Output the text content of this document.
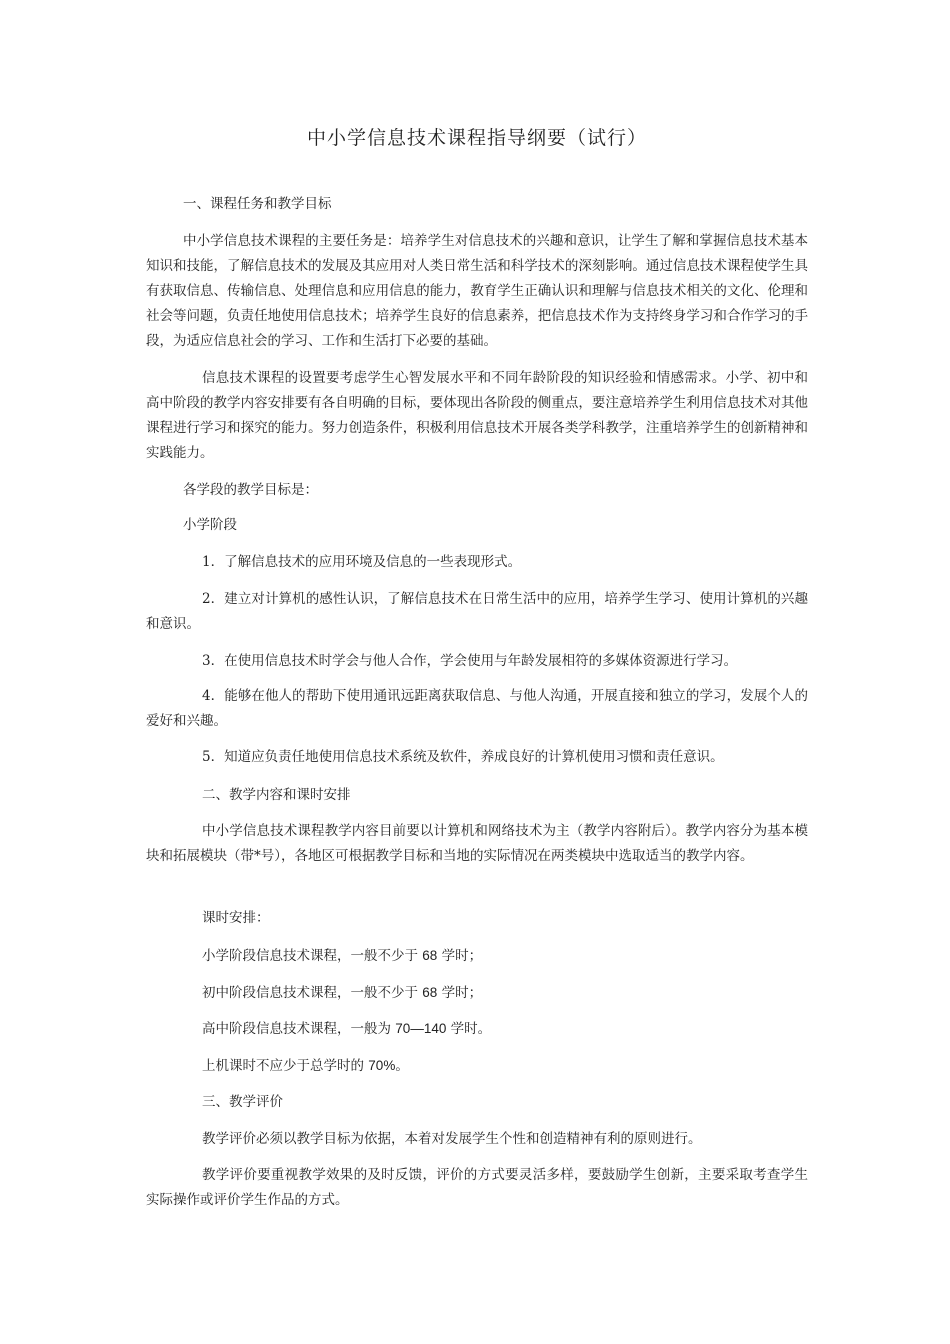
中小学信息技术课程指导纲要（试行）

一、课程任务和教学目标

中小学信息技术课程的主要任务是：培养学生对信息技术的兴趣和意识，让学生了解和掌握信息技术基本知识和技能，了解信息技术的发展及其应用对人类日常生活和科学技术的深刻影响。通过信息技术课程使学生具有获取信息、传输信息、处理信息和应用信息的能力，教育学生正确认识和理解与信息技术相关的文化、伦理和社会等问题，负责任地使用信息技术；培养学生良好的信息素养，把信息技术作为支持终身学习和合作学习的手段，为适应信息社会的学习、工作和生活打下必要的基础。

信息技术课程的设置要考虑学生心智发展水平和不同年龄阶段的知识经验和情感需求。小学、初中和高中阶段的教学内容安排要有各自明确的目标，要体现出各阶段的侧重点，要注意培养学生利用信息技术对其他课程进行学习和探究的能力。努力创造条件，积极利用信息技术开展各类学科教学，注重培养学生的创新精神和实践能力。

各学段的教学目标是：

小学阶段

1．了解信息技术的应用环境及信息的一些表现形式。

2．建立对计算机的感性认识，了解信息技术在日常生活中的应用，培养学生学习、使用计算机的兴趣和意识。

3．在使用信息技术时学会与他人合作，学会使用与年龄发展相符的多媒体资源进行学习。

4．能够在他人的帮助下使用通讯远距离获取信息、与他人沟通，开展直接和独立的学习，发展个人的爱好和兴趣。

5．知道应负责任地使用信息技术系统及软件，养成良好的计算机使用习惯和责任意识。

二、教学内容和课时安排

中小学信息技术课程教学内容目前要以计算机和网络技术为主（教学内容附后）。教学内容分为基本模块和拓展模块（带*号），各地区可根据教学目标和当地的实际情况在两类模块中选取适当的教学内容。

课时安排：

小学阶段信息技术课程，一般不少于 68 学时；

初中阶段信息技术课程，一般不少于 68 学时；

高中阶段信息技术课程，一般为 70—140 学时。

上机课时不应少于总学时的 70%。

三、教学评价

教学评价必须以教学目标为依据，本着对发展学生个性和创造精神有利的原则进行。

教学评价要重视教学效果的及时反馈，评价的方式要灵活多样，要鼓励学生创新，主要采取考查学生实际操作或评价学生作品的方式。
